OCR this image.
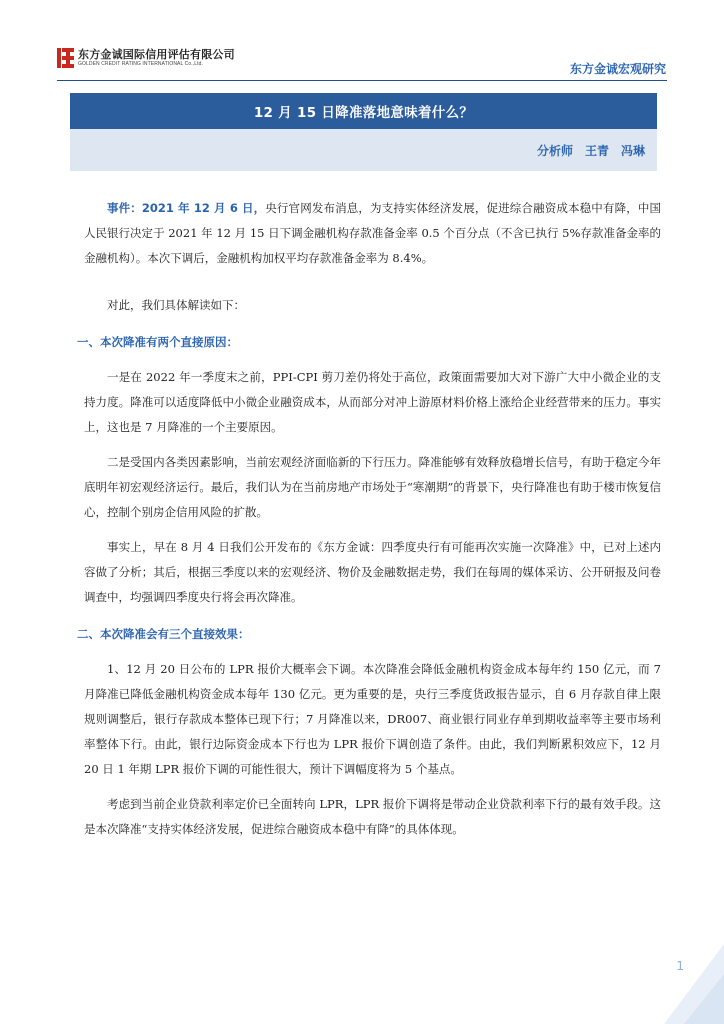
东方金诚国际信用评估有限公司
GOLDEN CREDIT RATING INTERNATIONAL Co.,Ltd.	东方金诚宏观研究
12 月 15 日降准落地意味着什么？
分析师　王青　冯琳

事件：2021 年 12 月 6 日，央行官网发布消息，为支持实体经济发展，促进综合融资成本稳中有降，中国人民银行决定于 2021 年 12 月 15 日下调金融机构存款准备金率 0.5 个百分点（不含已执行 5%存款准备金率的金融机构）。本次下调后，金融机构加权平均存款准备金率为 8.4%。

对此，我们具体解读如下：

一、本次降准有两个直接原因：

一是在 2022 年一季度末之前，PPI-CPI 剪刀差仍将处于高位，政策面需要加大对下游广大中小微企业的支持力度。降准可以适度降低中小微企业融资成本，从而部分对冲上游原材料价格上涨给企业经营带来的压力。事实上，这也是 7 月降准的一个主要原因。

二是受国内各类因素影响，当前宏观经济面临新的下行压力。降准能够有效释放稳增长信号，有助于稳定今年底明年初宏观经济运行。最后，我们认为在当前房地产市场处于“寒潮期”的背景下，央行降准也有助于楼市恢复信心，控制个别房企信用风险的扩散。

事实上，早在 8 月 4 日我们公开发布的《东方金诚：四季度央行有可能再次实施一次降准》中，已对上述内容做了分析；其后，根据三季度以来的宏观经济、物价及金融数据走势，我们在每周的媒体采访、公开研报及问卷调查中，均强调四季度央行将会再次降准。

二、本次降准会有三个直接效果：

1、12 月 20 日公布的 LPR 报价大概率会下调。本次降准会降低金融机构资金成本每年约 150 亿元，而 7 月降准已降低金融机构资金成本每年 130 亿元。更为重要的是，央行三季度货政报告显示，自 6 月存款自律上限规则调整后，银行存款成本整体已现下行；7 月降准以来，DR007、商业银行同业存单到期收益率等主要市场利率整体下行。由此，银行边际资金成本下行也为 LPR 报价下调创造了条件。由此，我们判断累积效应下，12 月 20 日 1 年期 LPR 报价下调的可能性很大，预计下调幅度将为 5 个基点。

考虑到当前企业贷款利率定价已全面转向 LPR，LPR 报价下调将是带动企业贷款利率下行的最有效手段。这是本次降准“支持实体经济发展，促进综合融资成本稳中有降”的具体体现。

1
